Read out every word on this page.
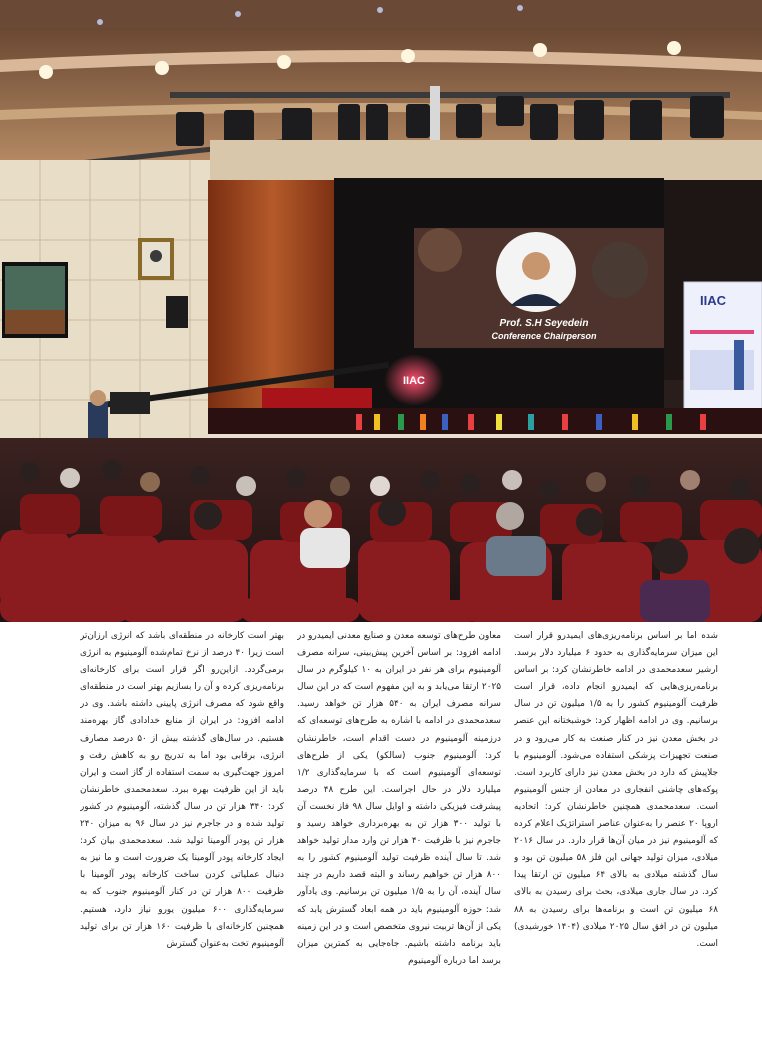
Prof. S.H Seyedein
Conference Chairperson
IIAC
IIAC

شده اما بر اساس برنامه‌ریزی‌های ایمیدرو قرار است این میزان سرمایه‌گذاری به حدود ۶ میلیارد دلار برسد. ارشیر سعدمحمدی در ادامه خاطرنشان کرد: بر اساس برنامه‌ریزی‌هایی که ایمیدرو انجام داده، قرار است ظرفیت آلومینیوم کشور را به ۱/۵ میلیون تن در سال برسانیم. وی در ادامه اظهار کرد: خوشبختانه این عنصر در بخش معدن نیز در کنار صنعت به کار می‌رود و در صنعت تجهیزات پزشکی استفاده می‌شود. آلومینیوم با جلاپیش که دارد در بخش معدن نیز دارای کاربرد است. پوکه‌های چاشنی انفجاری در معادن از جنس آلومینیوم است. سعدمحمدی همچنین خاطرنشان کرد: اتحادیه اروپا ۲۰ عنصر را به‌عنوان عناصر استراتژیک اعلام کرده که آلومینیوم نیز در میان آن‌ها قرار دارد. در سال ۲۰۱۶ میلادی، میزان تولید جهانی این فلز ۵۸ میلیون تن بود و سال گذشته میلادی به بالای ۶۴ میلیون تن ارتقا پیدا کرد. در سال جاری میلادی، بحث برای رسیدن به بالای ۶۸ میلیون تن است و برنامه‌ها برای رسیدن به ۸۸ میلیون تن در افق سال ۲۰۲۵ میلادی (۱۴۰۴ خورشیدی) است.

معاون طرح‌های توسعه معدن و صنایع معدنی ایمیدرو در ادامه افزود: بر اساس آخرین پیش‌بینی، سرانه مصرف آلومینیوم برای هر نفر در ایران به ۱۰ کیلوگرم در سال ۲۰۲۵ ارتقا می‌یابد و به این مفهوم است که در این سال سرانه مصرف ایران به ۵۴۰ هزار تن خواهد رسید. سعدمحمدی در ادامه با اشاره به طرح‌های توسعه‌ای که درزمینه آلومینیوم در دست اقدام است، خاطرنشان کرد: آلومینیوم جنوب (سالکو) یکی از طرح‌های توسعه‌ای آلومینیوم است که با سرمایه‌گذاری ۱/۲ میلیارد دلار در حال اجراست. این طرح ۴۸ درصد پیشرفت فیزیکی داشته و اوایل سال ۹۸ فاز نخست آن با تولید ۳۰۰ هزار تن به بهره‌برداری خواهد رسید و جاجرم نیز با ظرفیت ۴۰ هزار تن وارد مدار تولید خواهد شد. تا سال آینده ظرفیت تولید آلومینیوم کشور را به ۸۰۰ هزار تن خواهیم رساند و البته قصد داریم در چند سال آینده، آن را به ۱/۵ میلیون تن برسانیم. وی یادآور شد: حوزه آلومینیوم باید در همه ابعاد گسترش یابد که یکی از آن‌ها تربیت نیروی متخصص است و در این زمینه باید برنامه داشته باشیم. جاه‌جایی به کمترین میزان برسد اما درباره آلومینیوم

بهتر است کارخانه در منطقه‌ای باشد که انرژی ارزان‌تر است زیرا ۴۰ درصد از نرخ تمام‌شده آلومینیوم به انرژی برمی‌گردد. ازاین‌رو اگر قرار است برای کارخانه‌ای برنامه‌ریزی کرده و آن را بسازیم بهتر است در منطقه‌ای واقع شود که مصرف انرژی پایینی داشته باشد. وی در ادامه افزود: در ایران از منابع خدادادی گاز بهره‌مند هستیم. در سال‌های گذشته بیش از ۵۰ درصد مصارف انرژی، برقابی بود اما به تدریج رو به کاهش رفت و امروز جهت‌گیری به سمت استفاده از گاز است و ایران باید از این ظرفیت بهره ببرد. سعدمحمدی خاطرنشان کرد: ۳۴۰ هزار تن در سال گذشته، آلومینیوم در کشور تولید شده و در جاجرم نیز در سال ۹۶ به میزان ۲۴۰ هزار تن پودر آلومینا تولید شد. سعدمحمدی بیان کرد: ایجاد کارخانه پودر آلومینا یک ضرورت است و ما نیز به دنبال عملیاتی کردن ساخت کارخانه پودر آلومینا با ظرفیت ۸۰۰ هزار تن در کنار آلومینیوم جنوب که به سرمایه‌گذاری ۶۰۰ میلیون یورو نیاز دارد، هستیم. همچنین کارخانه‌ای با ظرفیت ۱۶۰ هزار تن برای تولید آلومینیوم تخت به‌عنوان گسترش
